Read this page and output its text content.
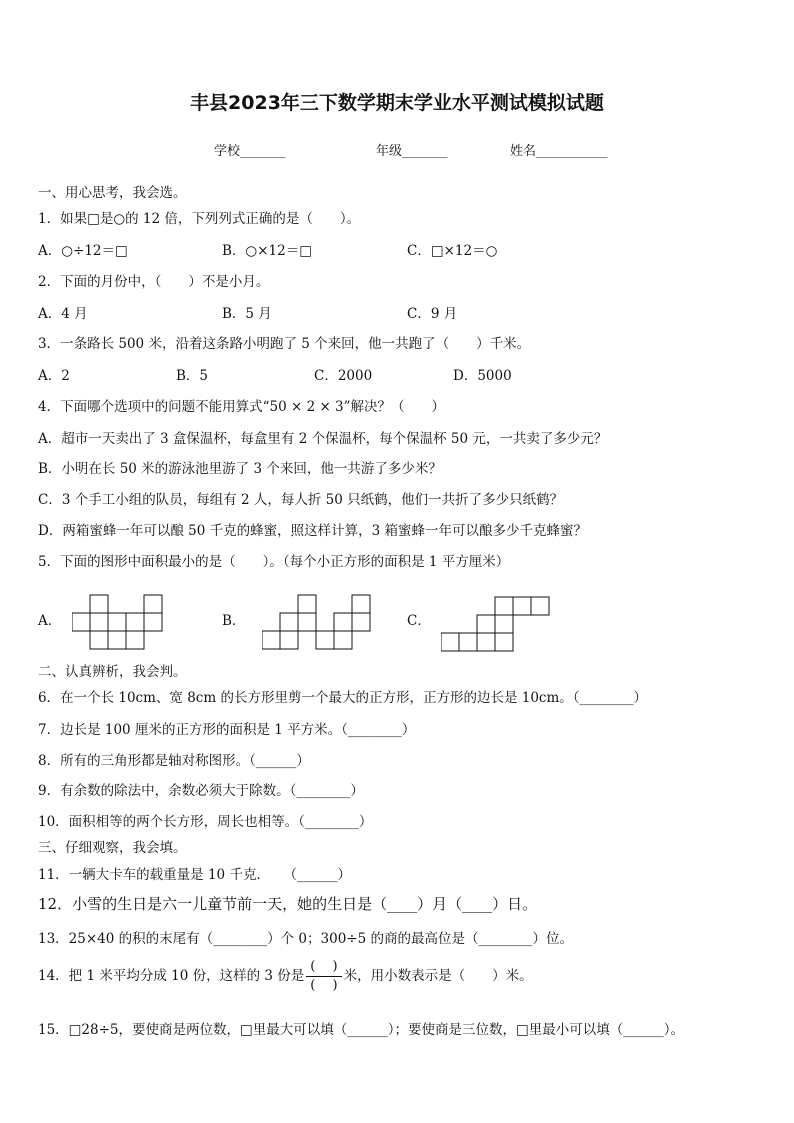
丰县2023年三下数学期末学业水平测试模拟试题
学校_______	年级_______	姓名___________
一、用心思考，我会选。
1．如果□是○的 12 倍，下列列式正确的是（　　）。
A．○÷12＝□	B．○×12＝□	C．□×12＝○
2．下面的月份中，（　　）不是小月。
A．4 月	B．5 月	C．9 月
3．一条路长 500 米，沿着这条路小明跑了 5 个来回，他一共跑了（　　）千米。
A．2	B．5	C．2000	D．5000
4．下面哪个选项中的问题不能用算式“50 × 2 × 3”解决？（　　）
A．超市一天卖出了 3 盒保温杯，每盒里有 2 个保温杯，每个保温杯 50 元，一共卖了多少元？
B．小明在长 50 米的游泳池里游了 3 个来回，他一共游了多少米？
C．3 个手工小组的队员，每组有 2 人，每人折 50 只纸鹤，他们一共折了多少只纸鹤？
D．两箱蜜蜂一年可以酿 50 千克的蜂蜜，照这样计算，3 箱蜜蜂一年可以酿多少千克蜂蜜？
5．下面的图形中面积最小的是（　　）。（每个小正方形的面积是 1 平方厘米）
A．	B．	C．
二、认真辨析，我会判。
6．在一个长 10cm、宽 8cm 的长方形里剪一个最大的正方形，正方形的边长是 10cm。（________）
7．边长是 100 厘米的正方形的面积是 1 平方米。（________）
8．所有的三角形都是轴对称图形。（______）
9．有余数的除法中，余数必须大于除数。（________）
10．面积相等的两个长方形，周长也相等。（________）
三、仔细观察，我会填。
11．一辆大卡车的载重量是 10 千克．　　（______）
12．小雪的生日是六一儿童节前一天，她的生日是（____）月（____）日。
13．25×40 的积的末尾有（________）个 0；300÷5 的商的最高位是（________）位。
14．把 1 米平均分成 10 份，这样的 3 份是 $\frac{( )}{( )}$ 米，用小数表示是（　　）米。
15．□28÷5，要使商是两位数，□里最大可以填（______）；要使商是三位数，□里最小可以填（______）。
